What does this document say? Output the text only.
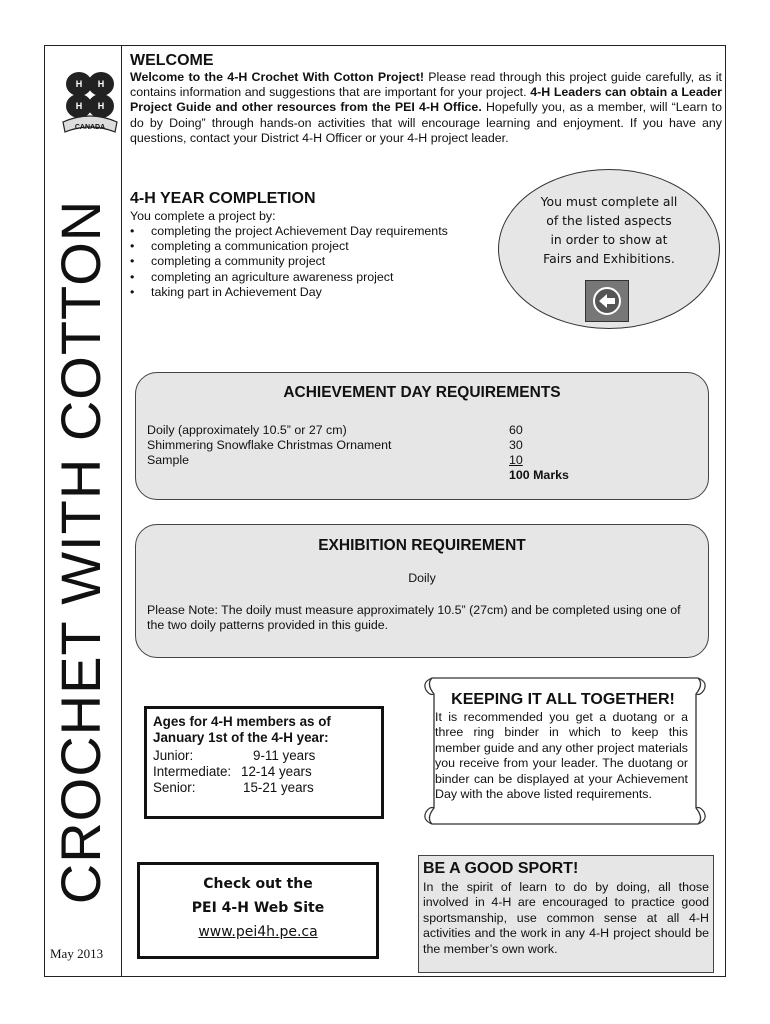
H H
H H
CANADA
CROCHET WITH COTTON
May 2013
WELCOME
Welcome to the 4-H Crochet With Cotton Project! Please read through this project guide carefully, as it contains information and suggestions that are important for your project. 4-H Leaders can obtain a Leader Project Guide and other resources from the PEI 4-H Office. Hopefully you, as a member, will “Learn to do by Doing” through hands-on activities that will encourage learning and enjoyment. If you have any questions, contact your District 4-H Officer or your 4-H project leader.
4-H YEAR COMPLETION
You complete a project by:
• completing the project Achievement Day requirements
• completing a communication project
• completing a community project
• completing an agriculture awareness project
• taking part in Achievement Day
You must complete all
of the listed aspects
in order to show at
Fairs and Exhibitions.
ACHIEVEMENT DAY REQUIREMENTS
Doily (approximately 10.5” or 27 cm)
Shimmering Snowflake Christmas Ornament
Sample
60
30
10
100 Marks
EXHIBITION REQUIREMENT
Doily
Please Note: The doily must measure approximately 10.5” (27cm) and be completed using one of the two doily patterns provided in this guide.
Ages for 4-H members as of
January 1st of the 4-H year:
Junior:	9-11 years
Intermediate: 12-14 years
Senior:	15-21 years
KEEPING IT ALL TOGETHER!
It is recommended you get a duotang or a three ring binder in which to keep this member guide and any other project materials you receive from your leader. The duotang or binder can be displayed at your Achievement Day with the above listed requirements.
Check out the
PEI 4-H Web Site
www.pei4h.pe.ca
BE A GOOD SPORT!
In the spirit of learn to do by doing, all those involved in 4-H are encouraged to practice good sportsmanship, use common sense at all 4-H activities and the work in any 4-H project should be the member’s own work.
